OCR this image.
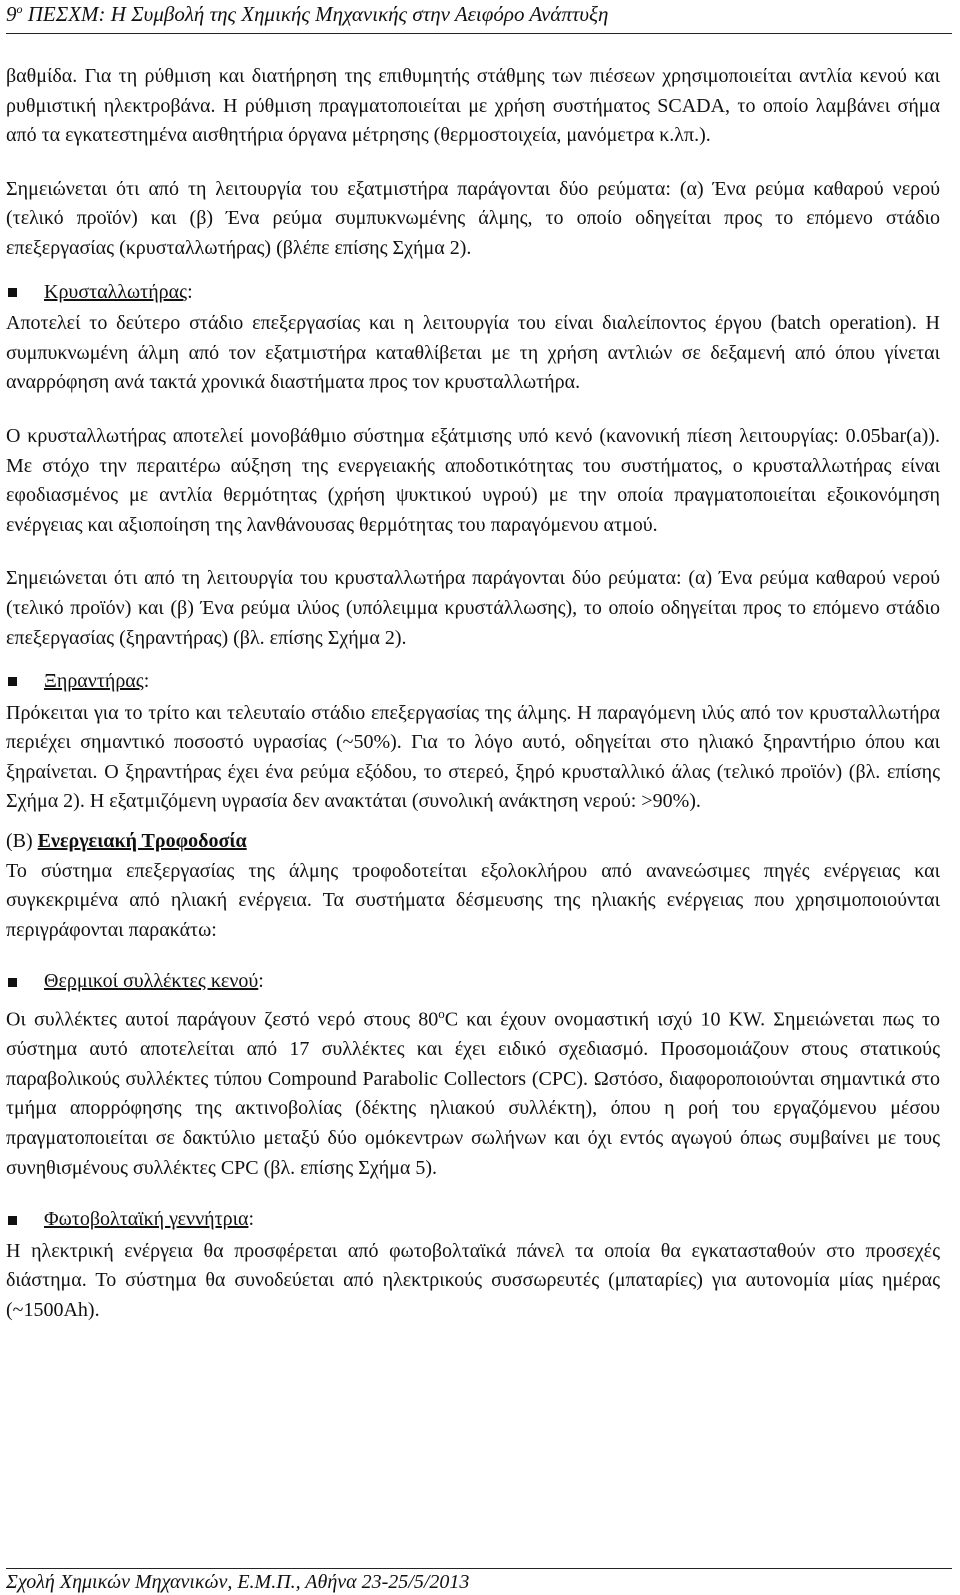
$9^o$ ΠΕΣΧΜ: Η Συμβολή της Χημικής Μηχανικής στην Αειφόρο Ανάπτυξη

βαθμίδα. Για τη ρύθμιση και διατήρηση της επιθυμητής στάθμης των πιέσεων χρησιμοποιείται αντλία κενού και ρυθμιστική ηλεκτροβάνα. Η ρύθμιση πραγματοποιείται με χρήση συστήματος SCADA, το οποίο λαμβάνει σήμα από τα εγκατεστημένα αισθητήρια όργανα μέτρησης (θερμοστοιχεία, μανόμετρα κ.λπ.).

Σημειώνεται ότι από τη λειτουργία του εξατμιστήρα παράγονται δύο ρεύματα: (α) Ένα ρεύμα καθαρού νερού (τελικό προϊόν) και (β) Ένα ρεύμα συμπυκνωμένης άλμης, το οποίο οδηγείται προς το επόμενο στάδιο επεξεργασίας (κρυσταλλωτήρας) (βλέπε επίσης Σχήμα 2).

Κρυσταλλωτήρας :

Αποτελεί το δεύτερο στάδιο επεξεργασίας και η λειτουργία του είναι διαλείποντος έργου (batch operation). Η συμπυκνωμένη άλμη από τον εξατμιστήρα καταθλίβεται με τη χρήση αντλιών σε δεξαμενή από όπου γίνεται αναρρόφηση ανά τακτά χρονικά διαστήματα προς τον κρυσταλλωτήρα.

Ο κρυσταλλωτήρας αποτελεί μονοβάθμιο σύστημα εξάτμισης υπό κενό (κανονική πίεση λειτουργίας: 0.05bar(a)). Με στόχο την περαιτέρω αύξηση της ενεργειακής αποδοτικότητας του συστήματος, ο κρυσταλλωτήρας είναι εφοδιασμένος με αντλία θερμότητας (χρήση ψυκτικού υγρού) με την οποία πραγματοποιείται εξοικονόμηση ενέργειας και αξιοποίηση της λανθάνουσας θερμότητας του παραγόμενου ατμού.

Σημειώνεται ότι από τη λειτουργία του κρυσταλλωτήρα παράγονται δύο ρεύματα: (α) Ένα ρεύμα καθαρού νερού (τελικό προϊόν) και (β) Ένα ρεύμα ιλύος (υπόλειμμα κρυστάλλωσης), το οποίο οδηγείται προς το επόμενο στάδιο επεξεργασίας (ξηραντήρας) (βλ. επίσης Σχήμα 2).

Ξηραντήρας :

Πρόκειται για το τρίτο και τελευταίο στάδιο επεξεργασίας της άλμης. Η παραγόμενη ιλύς από τον κρυσταλλωτήρα περιέχει σημαντικό ποσοστό υγρασίας (~50%). Για το λόγο αυτό, οδηγείται στο ηλιακό ξηραντήριο όπου και ξηραίνεται. Ο ξηραντήρας έχει ένα ρεύμα εξόδου, το στερεό, ξηρό κρυσταλλικό άλας (τελικό προϊόν) (βλ. επίσης Σχήμα 2). Η εξατμιζόμενη υγρασία δεν ανακτάται (συνολική ανάκτηση νερού: >90%).

(Β) Ενεργειακή Τροφοδοσία

Το σύστημα επεξεργασίας της άλμης τροφοδοτείται εξολοκλήρου από ανανεώσιμες πηγές ενέργειας και συγκεκριμένα από ηλιακή ενέργεια. Τα συστήματα δέσμευσης της ηλιακής ενέργειας που χρησιμοποιούνται περιγράφονται παρακάτω:

Θερμικοί συλλέκτες κενού :

Οι συλλέκτες αυτοί παράγουν ζεστό νερό στους $80^oC$ και έχουν ονομαστική ισχύ 10 KW. Σημειώνεται πως το σύστημα αυτό αποτελείται από 17 συλλέκτες και έχει ειδικό σχεδιασμό. Προσομοιάζουν στους στατικούς παραβολικούς συλλέκτες τύπου Compound Parabolic Collectors (CPC). Ωστόσο, διαφοροποιούνται σημαντικά στο τμήμα απορρόφησης της ακτινοβολίας (δέκτης ηλιακού συλλέκτη), όπου η ροή του εργαζόμενου μέσου πραγματοποιείται σε δακτύλιο μεταξύ δύο ομόκεντρων σωλήνων και όχι εντός αγωγού όπως συμβαίνει με τους συνηθισμένους συλλέκτες CPC (βλ. επίσης Σχήμα 5).

Φωτοβολταϊκή γεννήτρια :

Η ηλεκτρική ενέργεια θα προσφέρεται από φωτοβολταϊκά πάνελ τα οποία θα εγκατασταθούν στο προσεχές διάστημα. Το σύστημα θα συνοδεύεται από ηλεκτρικούς συσσωρευτές (μπαταρίες) για αυτονομία μίας ημέρας (~1500Ah).

Σχολή Χημικών Μηχανικών, Ε.Μ.Π., Αθήνα 23-25/5/2013
